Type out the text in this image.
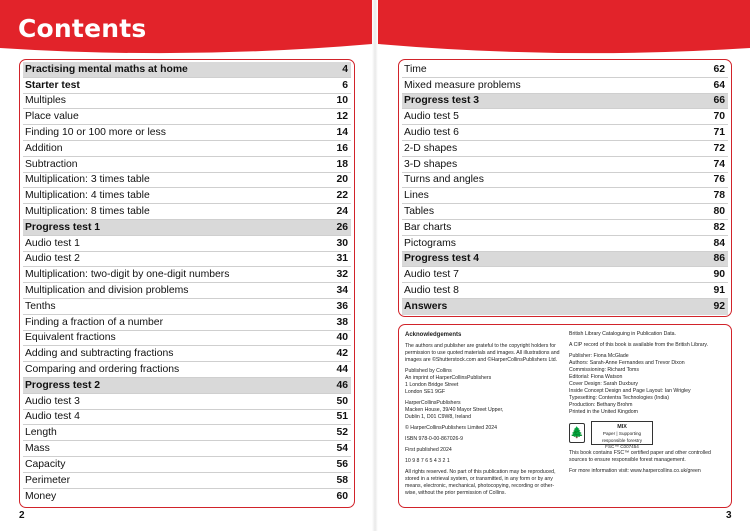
Contents
Practising mental maths at home	4
Starter test	6
Multiples	10
Place value	12
Finding 10 or 100 more or less	14
Addition	16
Subtraction	18
Multiplication: 3 times table	20
Multiplication: 4 times table	22
Multiplication: 8 times table	24
Progress test 1	26
Audio test 1	30
Audio test 2	31
Multiplication: two-digit by one-digit numbers	32
Multiplication and division problems	34
Tenths	36
Finding a fraction of a number	38
Equivalent fractions	40
Adding and subtracting fractions	42
Comparing and ordering fractions	44
Progress test 2	46
Audio test 3	50
Audio test 4	51
Length	52
Mass	54
Capacity	56
Perimeter	58
Money	60
Time	62
Mixed measure problems	64
Progress test 3	66
Audio test 5	70
Audio test 6	71
2-D shapes	72
3-D shapes	74
Turns and angles	76
Lines	78
Tables	80
Bar charts	82
Pictograms	84
Progress test 4	86
Audio test 7	90
Audio test 8	91
Answers	92
Acknowledgements

The authors and publisher are grateful to the copyright holders for permission to use quoted materials and images. All illustrations and images are ©Shutterstock.com and ©HarperCollinsPublishers Ltd.

Published by Collins
An imprint of HarperCollinsPublishers
1 London Bridge Street
London SE1 9GF

HarperCollinsPublishers
Macken House, 39/40 Mayor Street Upper,
Dublin 1, D01 C9W8, Ireland

© HarperCollinsPublishers Limited 2024

ISBN 978-0-00-867026-9

First published 2024

10 9 8 7 6 5 4 3 2 1

All rights reserved. No part of this publication may be reproduced, stored in a retrieval system, or transmitted, in any form or by any means, electronic, mechanical, photocopying, recording or other-wise, without the prior permission of Collins.

British Library Cataloguing in Publication Data.

A CIP record of this book is available from the British Library.

Publisher: Fiona McGlade
Authors: Sarah-Anne Fernandes and Trevor Dixon
Commissioning: Richard Toms
Editorial: Fiona Watson
Cover Design: Sarah Duxbury
Inside Concept Design and Page Layout: Ian Wrigley
Typesetting: Contentra Technologies (India)
Production: Bethany Brohm
Printed in the United Kingdom

🌲	MIX
Paper | Supporting responsible forestry
FSC™ C007454

This book contains FSC™ certified paper and other controlled sources to ensure responsible forest management.

For more information visit: www.harpercollins.co.uk/green

2	3
